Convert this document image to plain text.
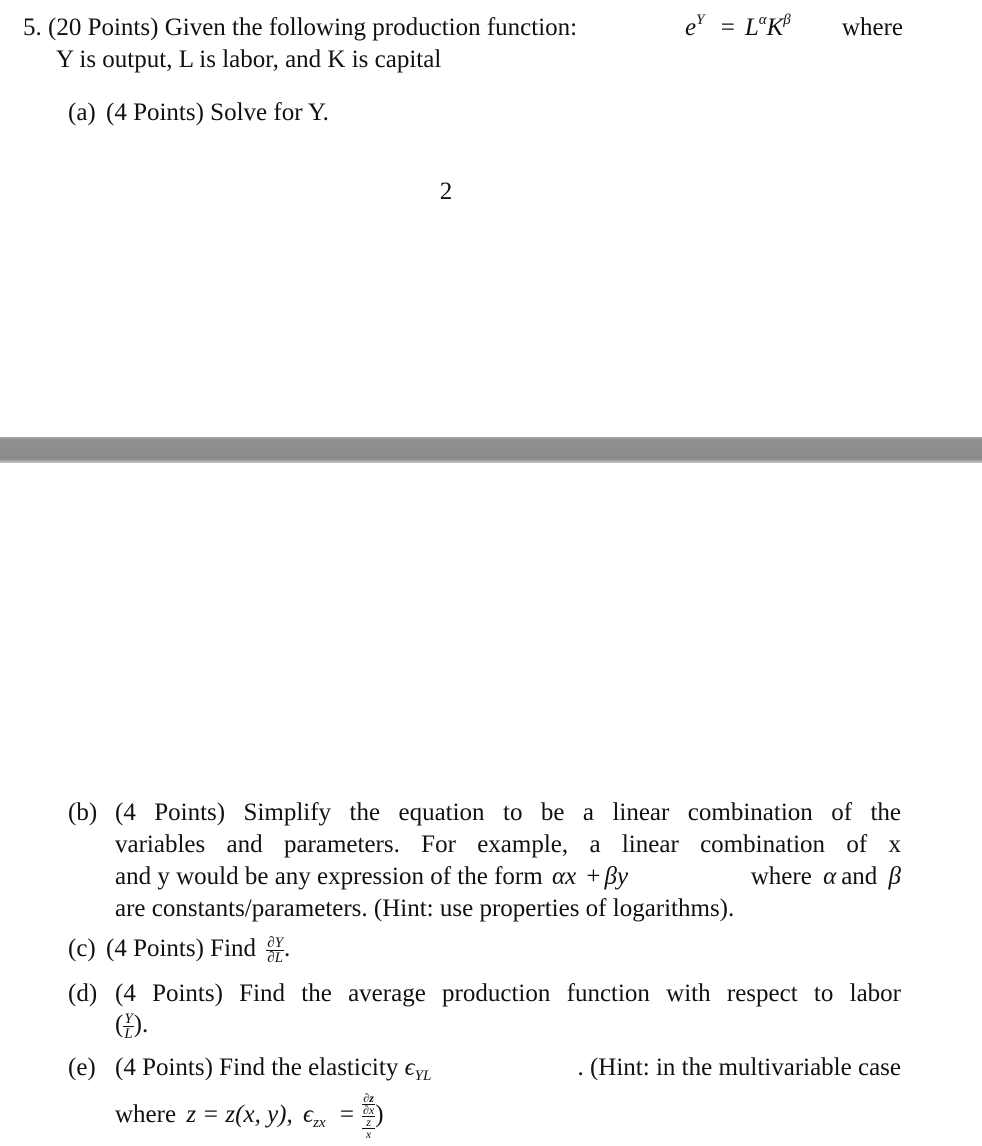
5. (20 Points) Given the following production function:	$e^Y = L^\alpha K^\beta$ where
Y is output, L is labor, and K is capital
(a) (4 Points) Solve for Y.
2
(b) (4 Points) Simplify the equation to be a linear combination of the
variables and parameters. For example, a linear combination of x
and y would be any expression of the form αx + βy	where α and β
are constants/parameters. (Hint: use properties of logarithms).
(c) (4 Points) Find $\frac{\partial Y}{\partial L}$ .
(d) (4 Points) Find the average production function with respect to labor
( $\frac{Y}{L}$ ).
(e) (4 Points) Find the elasticity $\epsilon_{YL}$	. (Hint: in the multivariable case
where z = z(x, y), $\epsilon_{zx} = \partial z$
∂x
z
x )
